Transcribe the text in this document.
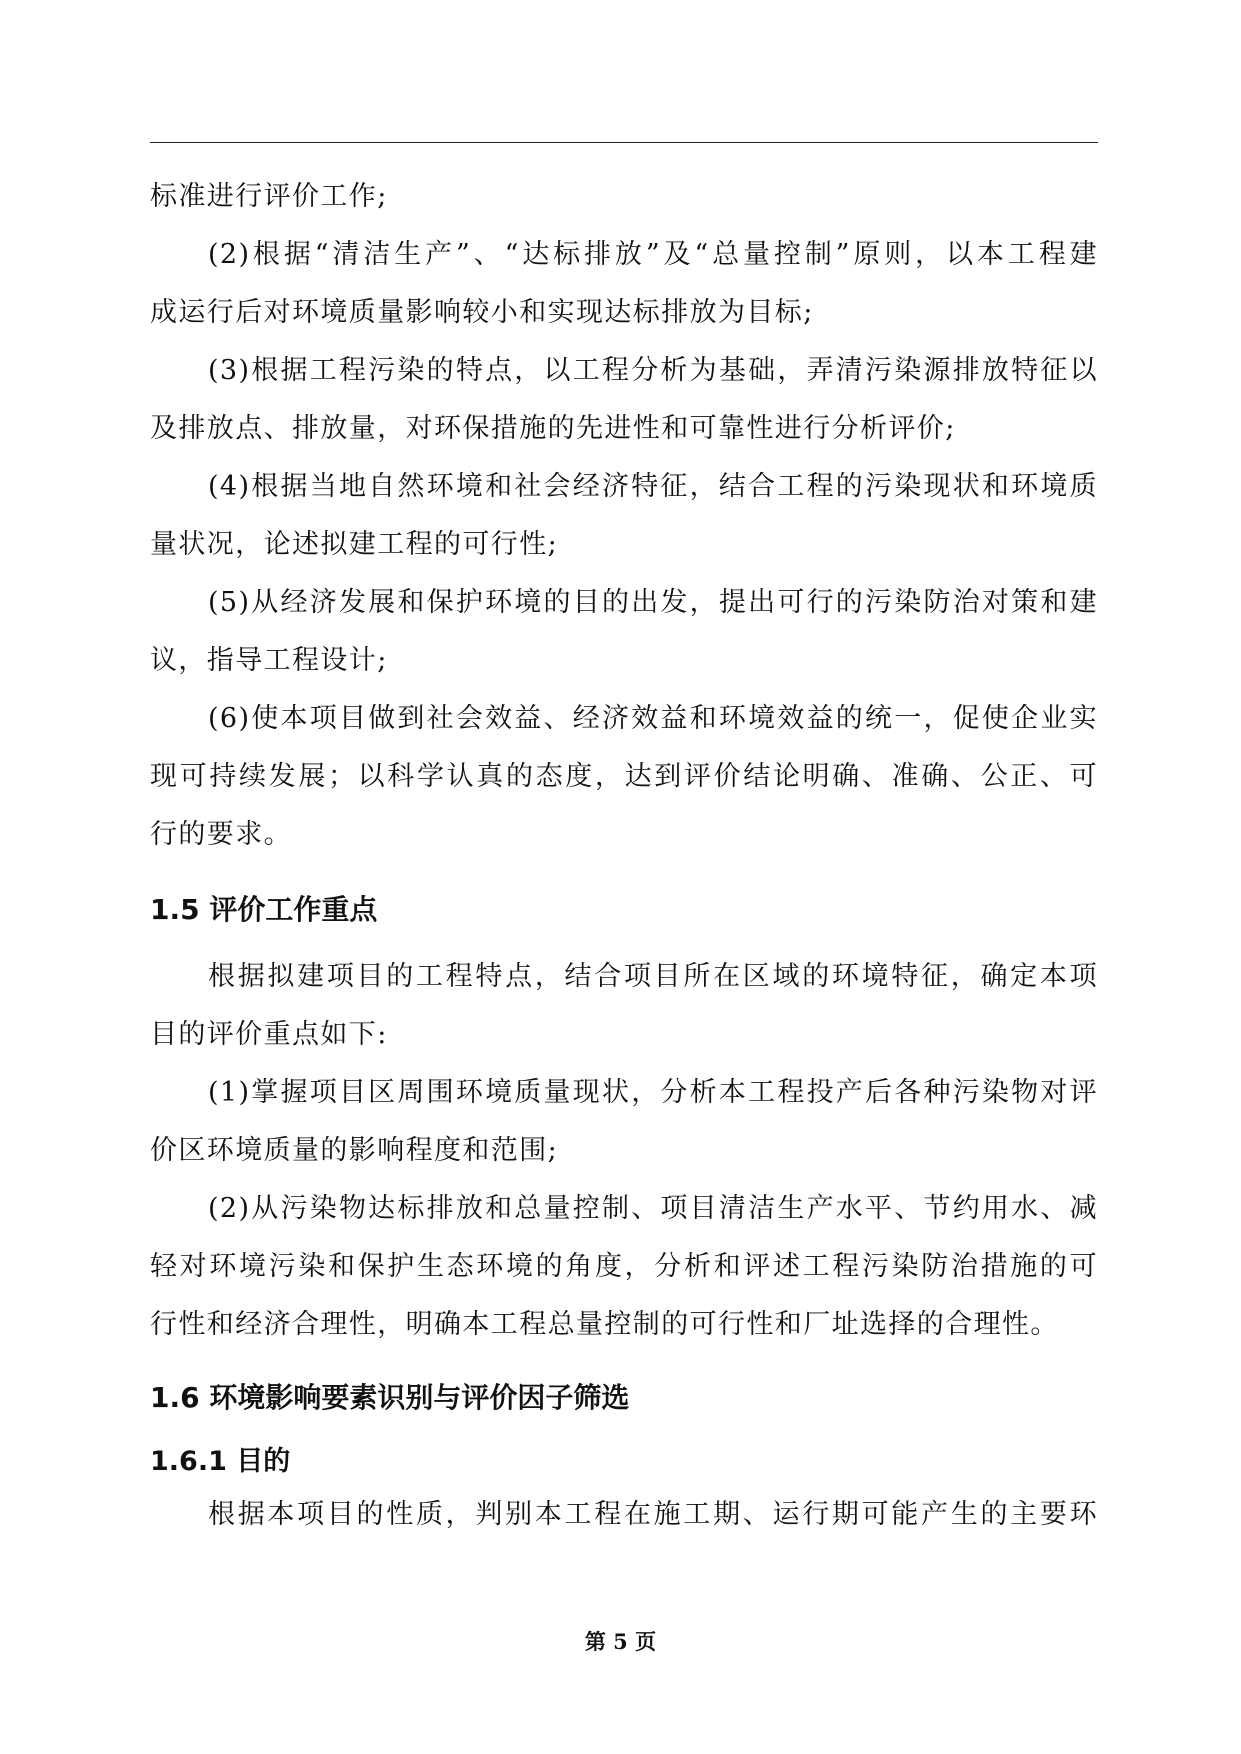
标准进行评价工作;
(2)根据“清洁生产”、“达标排放”及“总量控制”原则，以本工程建
成运行后对环境质量影响较小和实现达标排放为目标;
(3)根据工程污染的特点，以工程分析为基础，弄清污染源排放特征以
及排放点、排放量，对环保措施的先进性和可靠性进行分析评价;
(4)根据当地自然环境和社会经济特征，结合工程的污染现状和环境质
量状况，论述拟建工程的可行性;
(5)从经济发展和保护环境的目的出发，提出可行的污染防治对策和建
议，指导工程设计;
(6)使本项目做到社会效益、经济效益和环境效益的统一，促使企业实
现可持续发展；以科学认真的态度，达到评价结论明确、准确、公正、可
行的要求。
1.5 评价工作重点
根据拟建项目的工程特点，结合项目所在区域的环境特征，确定本项
目的评价重点如下:
(1)掌握项目区周围环境质量现状，分析本工程投产后各种污染物对评
价区环境质量的影响程度和范围;
(2)从污染物达标排放和总量控制、项目清洁生产水平、节约用水、减
轻对环境污染和保护生态环境的角度，分析和评述工程污染防治措施的可
行性和经济合理性，明确本工程总量控制的可行性和厂址选择的合理性。
1.6 环境影响要素识别与评价因子筛选
1.6.1 目的
根据本项目的性质，判别本工程在施工期、运行期可能产生的主要环
第 5 页
